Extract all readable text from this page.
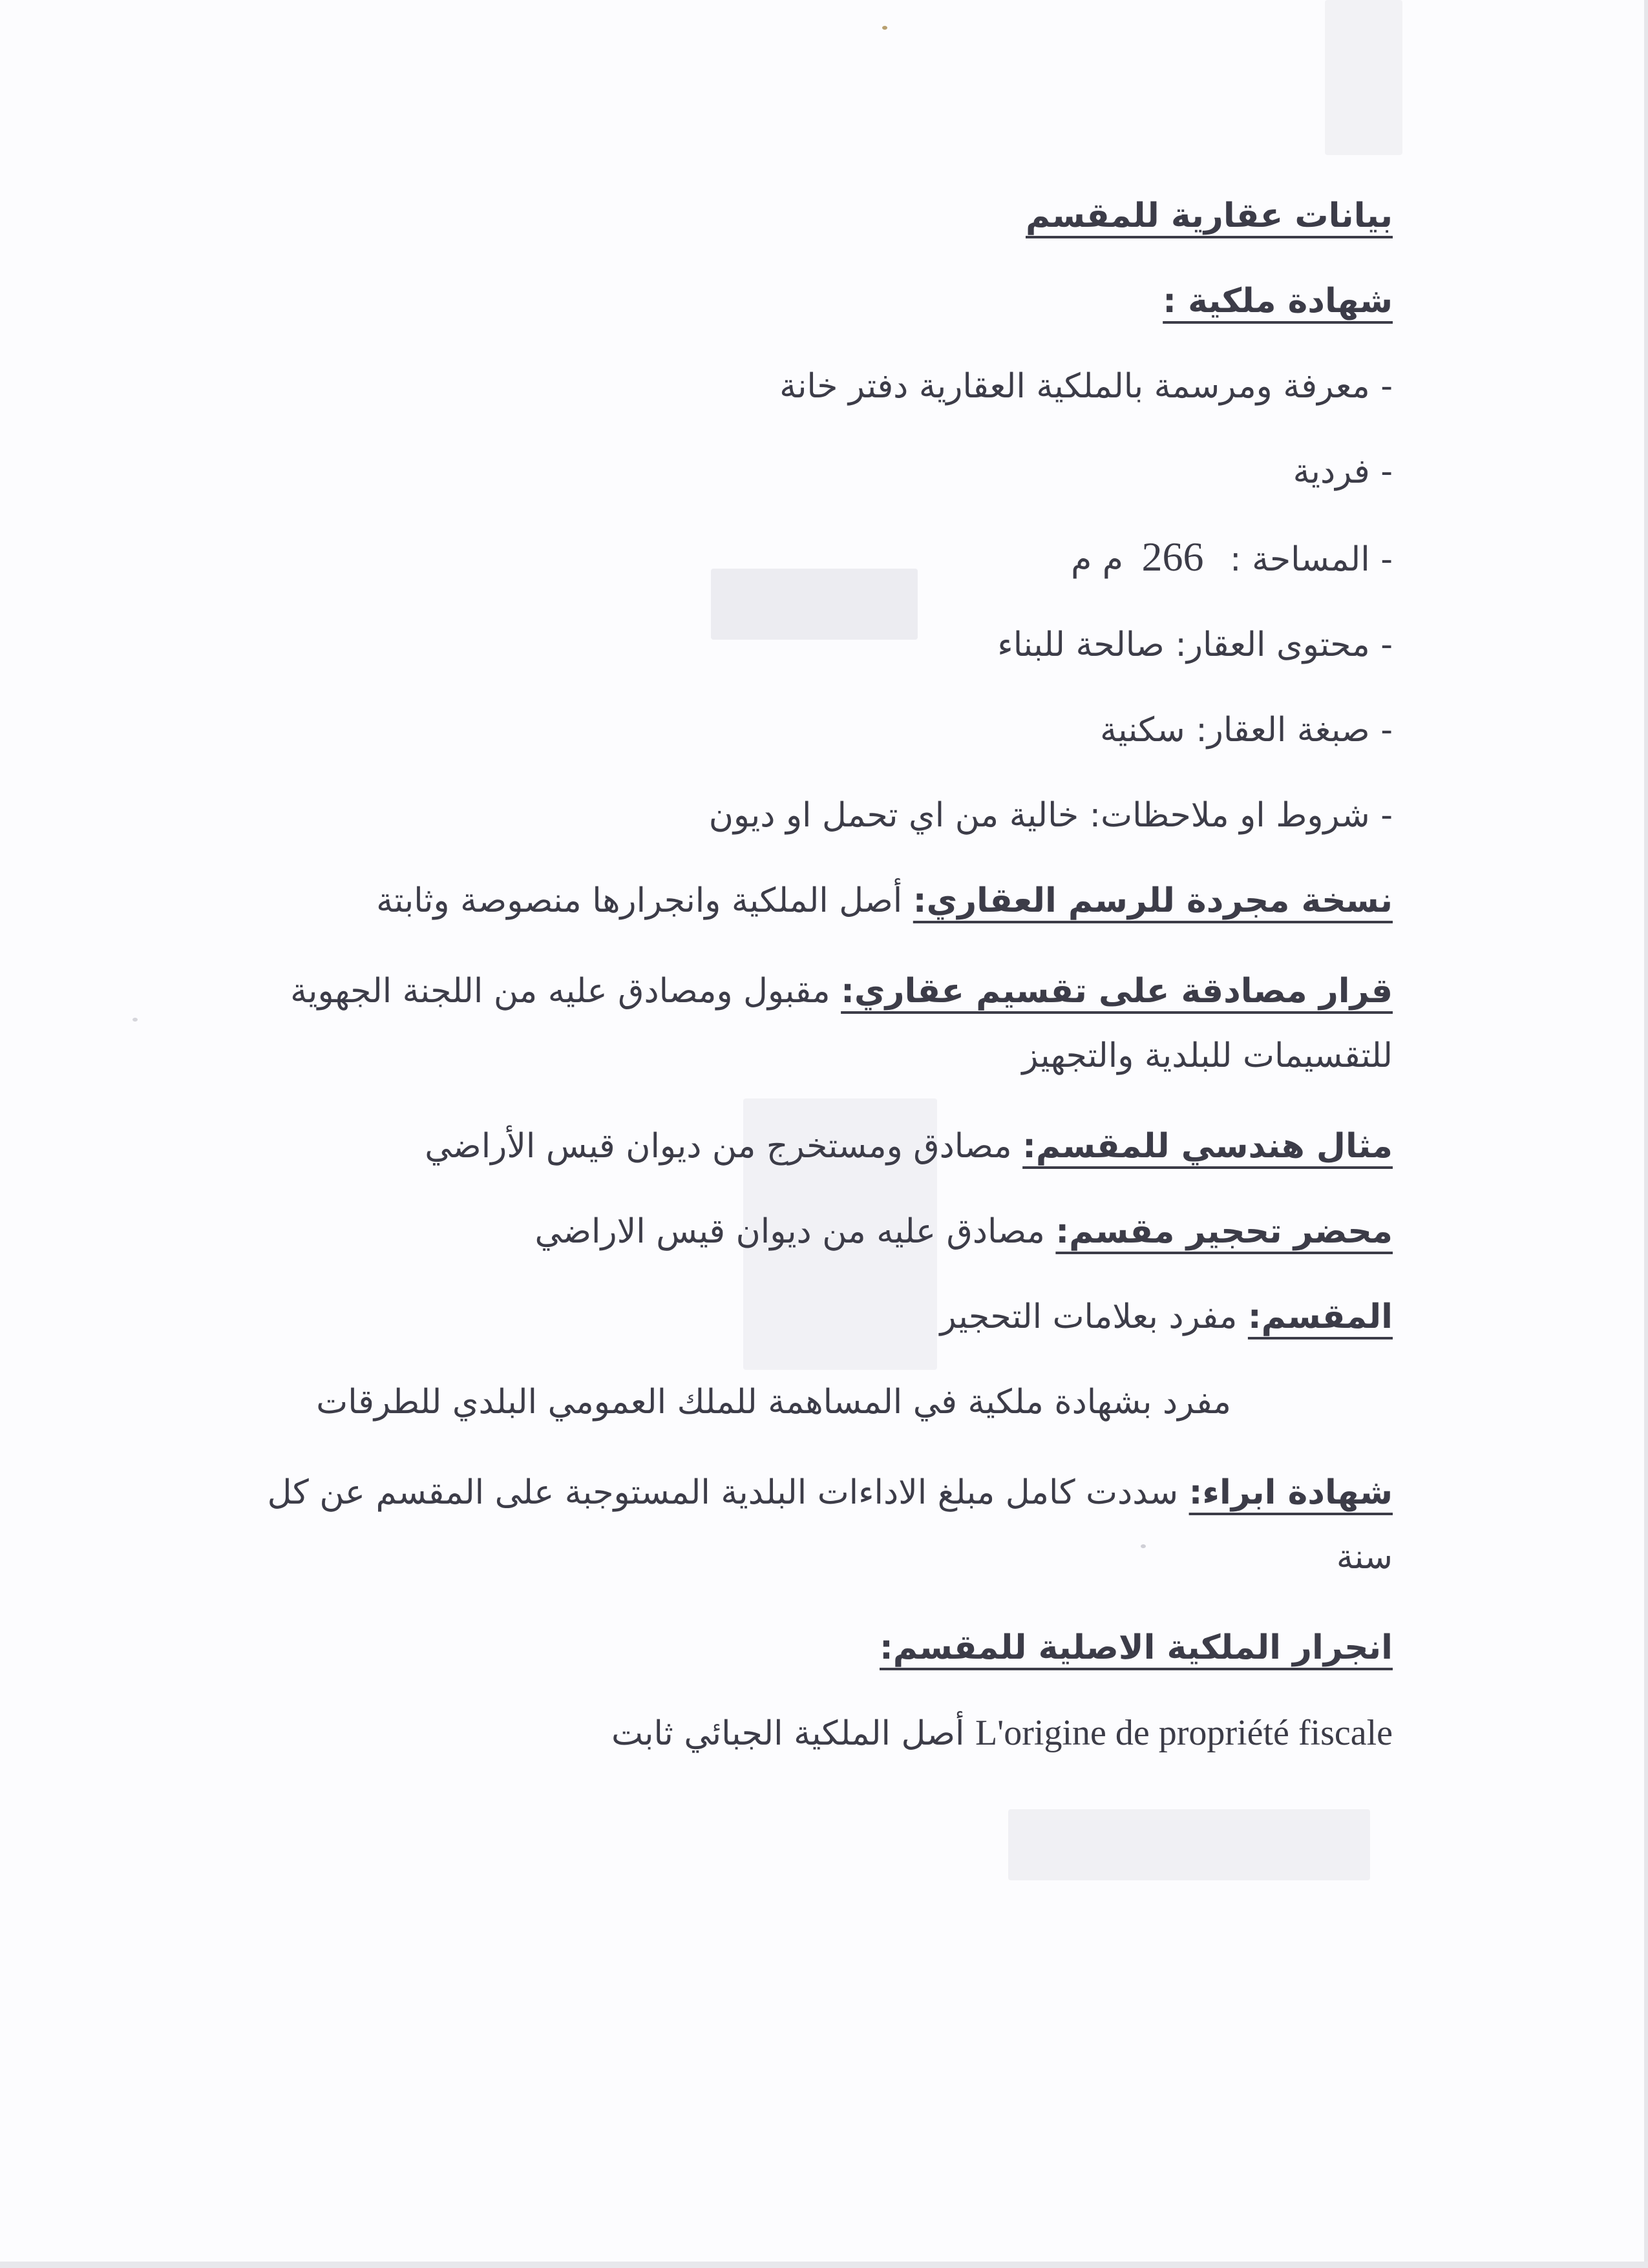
بيانات عقارية للمقسم

شهادة ملكية :

- معرفة ومرسمة بالملكية العقارية دفتر خانة

- فردية

- المساحة : 266 م م

- محتوى العقار: صالحة للبناء

- صبغة العقار: سكنية

- شروط او ملاحظات: خالية من اي تحمل او ديون

نسخة مجردة للرسم العقاري: أصل الملكية وانجرارها منصوصة وثابتة

قرار مصادقة على تقسيم عقاري: مقبول ومصادق عليه من اللجنة الجهوية للتقسيمات للبلدية والتجهيز

مثال هندسي للمقسم: مصادق ومستخرج من ديوان قيس الأراضي

محضر تحجير مقسم: مصادق عليه من ديوان قيس الاراضي

المقسم: مفرد بعلامات التحجير

مفرد بشهادة ملكية في المساهمة للملك العمومي البلدي للطرقات

شهادة ابراء: سددت كامل مبلغ الاداءات البلدية المستوجبة على المقسم عن كل سنة

انجرار الملكية الاصلية للمقسم:

L'origine de propriété fiscale أصل الملكية الجبائي ثابت
